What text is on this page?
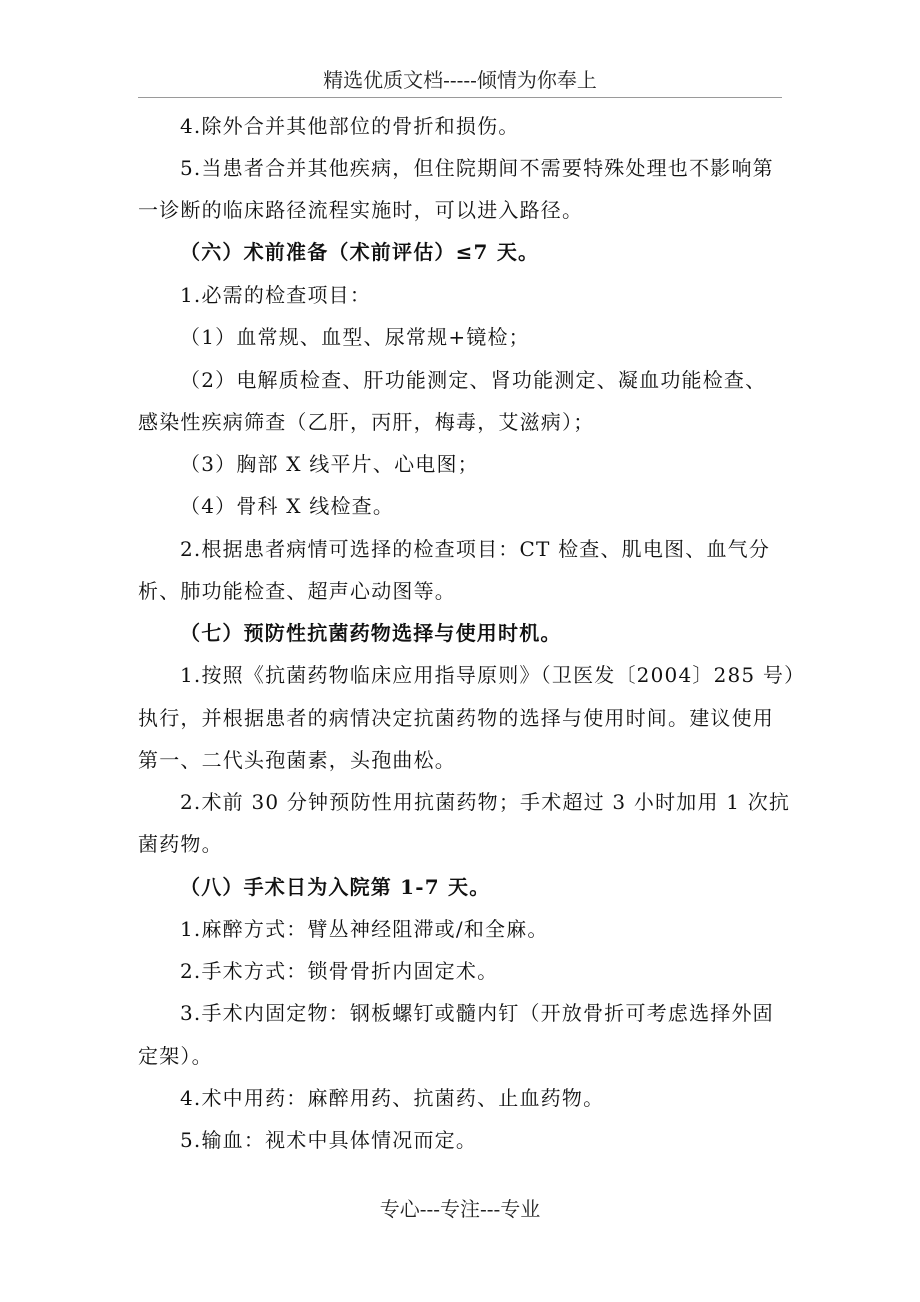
精选优质文档-----倾情为你奉上
4.除外合并其他部位的骨折和损伤。
5.当患者合并其他疾病，但住院期间不需要特殊处理也不影响第
一诊断的临床路径流程实施时，可以进入路径。
（六）术前准备（术前评估）≤7 天。
1.必需的检查项目：
（1）血常规、血型、尿常规+镜检；
（2）电解质检查、肝功能测定、肾功能测定、凝血功能检查、
感染性疾病筛查（乙肝，丙肝，梅毒，艾滋病）；
（3）胸部 X 线平片、心电图；
（4）骨科 X 线检查。
2.根据患者病情可选择的检查项目：CT 检查、肌电图、血气分
析、肺功能检查、超声心动图等。
（七）预防性抗菌药物选择与使用时机。
1.按照《抗菌药物临床应用指导原则》（卫医发〔2004〕285 号）
执行，并根据患者的病情决定抗菌药物的选择与使用时间。建议使用
第一、二代头孢菌素，头孢曲松。
2.术前 30 分钟预防性用抗菌药物；手术超过 3 小时加用 1 次抗
菌药物。
（八）手术日为入院第 1-7 天。
1.麻醉方式：臂丛神经阻滞或/和全麻。
2.手术方式：锁骨骨折内固定术。
3.手术内固定物：钢板螺钉或髓内钉（开放骨折可考虑选择外固
定架）。
4.术中用药：麻醉用药、抗菌药、止血药物。
5.输血：视术中具体情况而定。
专心---专注---专业
